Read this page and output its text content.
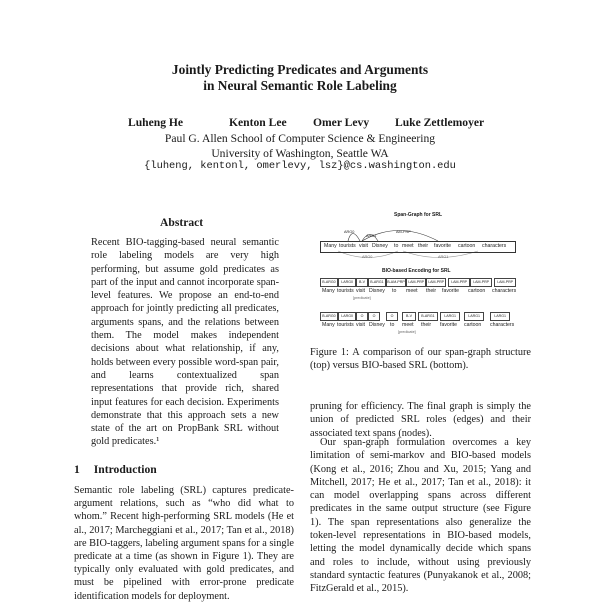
Jointly Predicting Predicates and Arguments
in Neural Semantic Role Labeling
Luheng He	Kenton Lee Omer Levy Luke Zettlemoyer
Paul G. Allen School of Computer Science & Engineering
University of Washington, Seattle WA
{luheng, kentonl, omerlevy, lsz}@cs.washington.edu
Abstract
Recent BIO-tagging-based neural semantic role labeling models are very high performing, but assume gold predicates as part of the input and cannot incorporate span-level features. We propose an end-to-end approach for jointly predicting all predicates, arguments spans, and the relations between them. The model makes independent decisions about what relationship, if any, holds between every possible word-span pair, and learns contextualized span representations that provide rich, shared input features for each decision. Experiments demonstrate that this approach sets a new state of the art on PropBank SRL without gold predicates.¹
1 Introduction
Semantic role labeling (SRL) captures predicate-argument relations, such as “who did what to whom.” Recent high-performing SRL models (He et al., 2017; Marcheggiani et al., 2017; Tan et al., 2018) are BIO-taggers, labeling argument spans for a single predicate at a time (as shown in Figure 1). They are typically only evaluated with gold predicates, and must be pipelined with error-prone predicate identification models for deployment.
Span-Graph for SRL
ARG0
ARG1
AM-PRP
ARG0	ARG1
Many tourists visit Disney to meet their favorite cartoon characters
BIO-based Encoding for SRL
B-ARG0	I-ARG0	B-V	B-ARG1 B-AM-PRP I-AM-PRP	I-AM-PRP	I-AM-PRP	I-AM-PRP	I-AM-PRP
Many tourists visit Disney to meet their favorite cartoon characters
[predicate]
B-ARG0	I-ARG0	O	O	O	B-V	B-ARG1	I-ARG1	I-ARG1	I-ARG1
Many tourists visit Disney to meet their favorite cartoon characters
[predicate]
Figure 1: A comparison of our span-graph structure (top) versus BIO-based SRL (bottom).
pruning for efficiency. The final graph is simply the union of predicted SRL roles (edges) and their associated text spans (nodes).
Our span-graph formulation overcomes a key limitation of semi-markov and BIO-based models (Kong et al., 2016; Zhou and Xu, 2015; Yang and Mitchell, 2017; He et al., 2017; Tan et al., 2018): it can model overlapping spans across different predicates in the same output structure (see Figure 1). The span representations also generalize the token-level representations in BIO-based models, letting the model dynamically decide which spans and roles to include, without using previously standard syntactic features (Punyakanok et al., 2008; FitzGerald et al., 2015).
